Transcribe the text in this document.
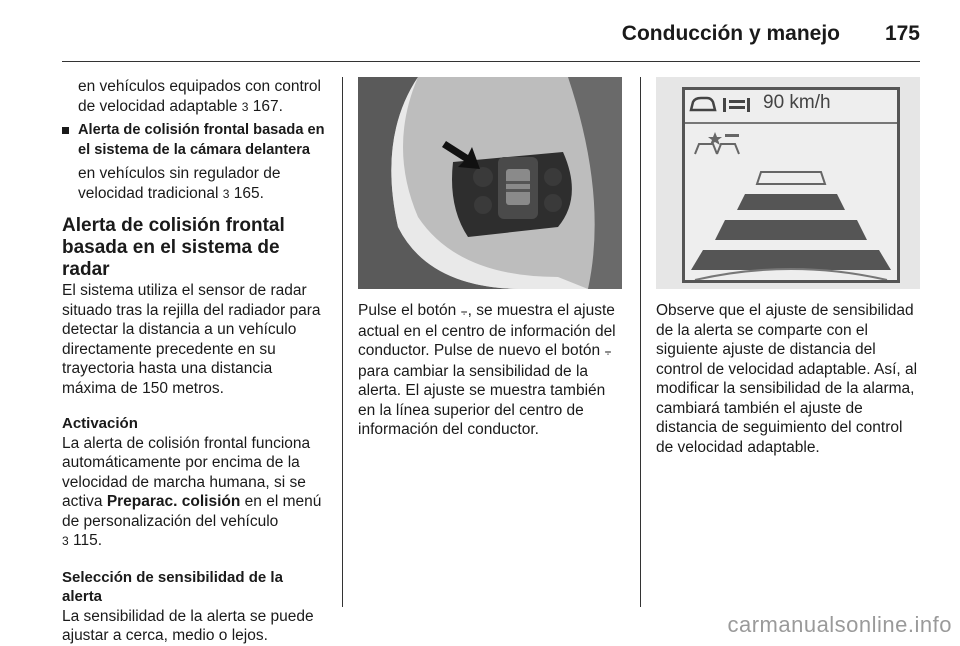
Conducción y manejo	175

en vehículos equipados con control de velocidad adaptable 3 167.

Alerta de colisión frontal basada en el sistema de la cámara delantera

en vehículos sin regulador de velocidad tradicional 3 165.

Alerta de colisión frontal basada en el sistema de radar

El sistema utiliza el sensor de radar situado tras la rejilla del radiador para detectar la distancia a un vehículo directamente precedente en su trayectoria hasta una distancia máxima de 150 metros.

Activación

La alerta de colisión frontal funciona automáticamente por encima de la velocidad de marcha humana, si se activa Preparac. colisión en el menú de personalización del vehículo
3 115.

Selección de sensibilidad de la alerta

La sensibilidad de la alerta se puede ajustar a cerca, medio o lejos.

90 km/h

Pulse el botón ⨪, se muestra el ajuste actual en el centro de información del conductor. Pulse de nuevo el botón ⨪ para cambiar la sensibilidad de la alerta. El ajuste se muestra también en la línea superior del centro de información del conductor.

Observe que el ajuste de sensibilidad de la alerta se comparte con el siguiente ajuste de distancia del control de velocidad adaptable. Así, al modificar la sensibilidad de la alarma, cambiará también el ajuste de distancia de seguimiento del control de velocidad adaptable.

carmanualsonline.info
